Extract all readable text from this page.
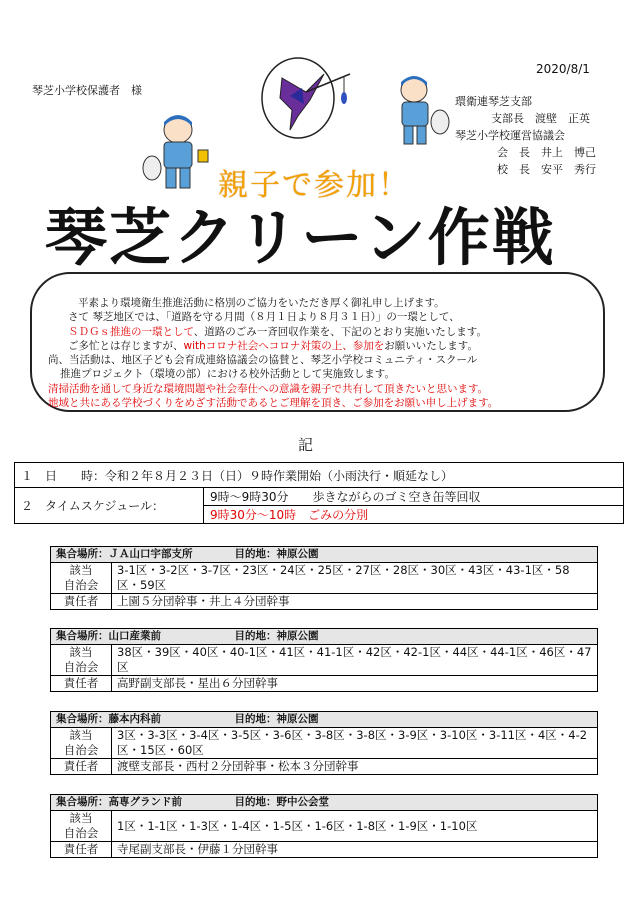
2020/8/1
琴芝小学校保護者　様
環衛連琴芝支部
支部長　渡壁　正英
琴芝小学校運営協議会
会　長　井上　博己
校　長　安平　秀行
親子で参加！
琴芝クリーン作戦

平素より環境衛生推進活動に格別のご協力をいただき厚く御礼申し上げます。

さて 琴芝地区では、「道路を守る月間（８月１日より８月３１日）」の一環として、

ＳＤＧｓ推進の一環として、道路のごみ一斉回収作業を、下記のとおり実施いたします。

ご多忙とは存じますが、withコロナ社会へコロナ対策の上、参加をお願いいたします。

尚、当活動は、地区子ども会育成連絡協議会の協賛と、琴芝小学校コミュニティ・スクール

推進プロジェクト（環境の部）における校外活動として実施致します。

清掃活動を通して身近な環境問題や社会奉仕への意識を親子で共有して頂きたいと思います。

地域と共にある学校づくりをめざす活動であるとご理解を頂き、ご参加をお願い申し上げます。

記
１　日　　時：令和２年８月２３日（日）９時作業開始（小雨決行・順延なし）
２　タイムスケジュール：	9時～9時30分　　歩きながらのゴミ空き缶等回収
9時30分～10時　ごみの分別
集合場所：ＪＡ山口宇部支所　　　　目的地：神原公園	
該当
自治会	3-1区・3-2区・3-7区・23区・24区・25区・27区・28区・30区・43区・43-1区・58区・59区
責任者	上園５分団幹事・井上４分団幹事
集合場所：山口産業前　　　　　　　目的地：神原公園	
該当
自治会	38区・39区・40区・40-1区・41区・41-1区・42区・42-1区・44区・44-1区・46区・47区
責任者	高野副支部長・星出６分団幹事
集合場所：藤本内科前　　　　　　　目的地：神原公園	
該当
自治会	3区・3-3区・3-4区・3-5区・3-6区・3-8区・3-8区・3-9区・3-10区・3-11区・4区・4-2区・15区・60区
責任者	渡壁支部長・西村２分団幹事・松本３分団幹事
集合場所：高専グランド前　　　　　目的地：野中公会堂	
該当
自治会	1区・1-1区・1-3区・1-4区・1-5区・1-6区・1-8区・1-9区・1-10区
責任者	寺尾副支部長・伊藤１分団幹事
